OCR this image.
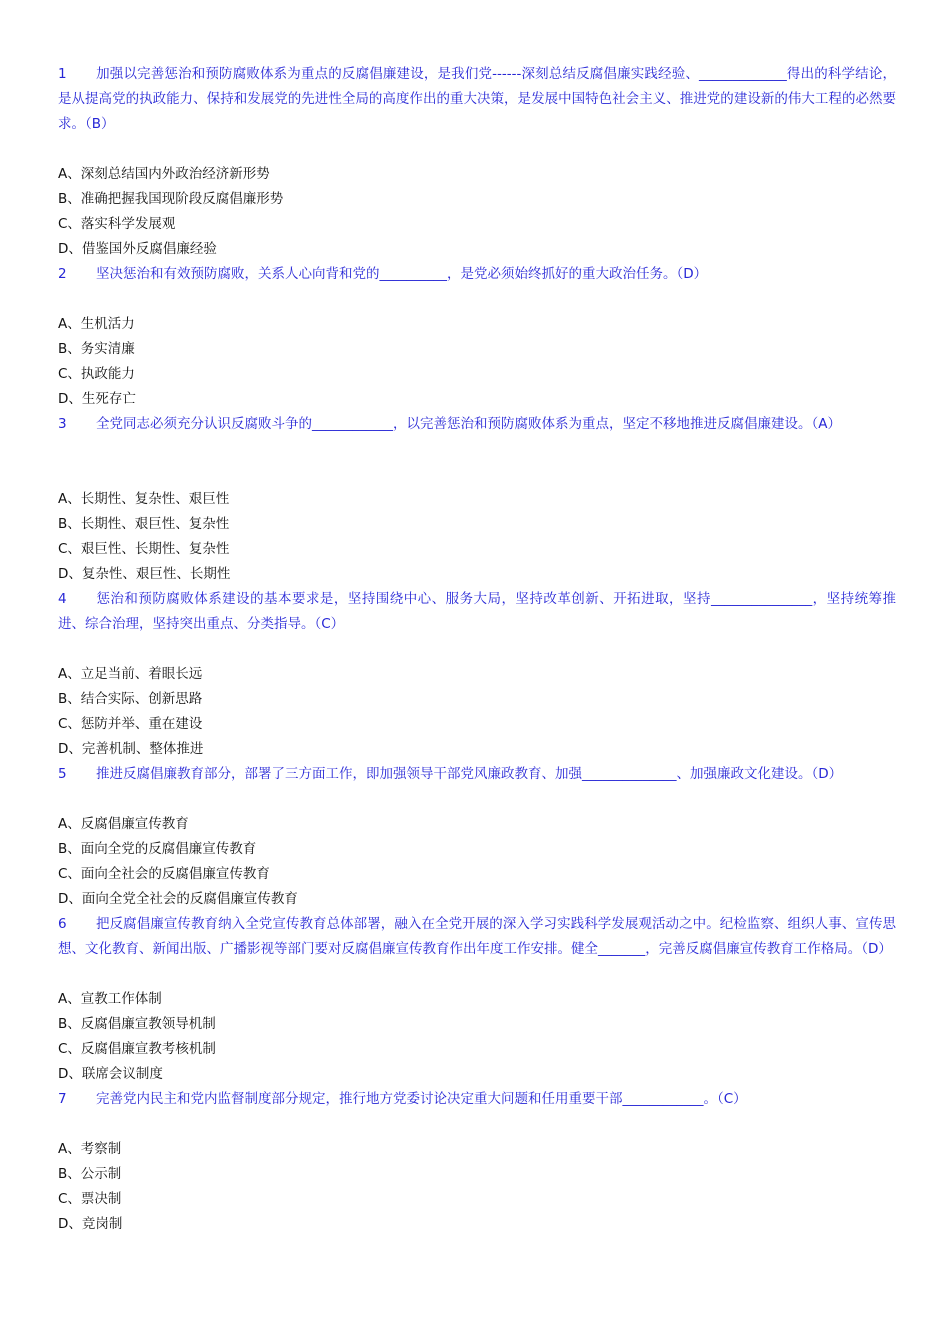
1 加强以完善惩治和预防腐败体系为重点的反腐倡廉建设，是我们党------深刻总结反腐倡廉实践经验、_____________得出的科学结论，是从提高党的执政能力、保持和发展党的先进性全局的高度作出的重大决策，是发展中国特色社会主义、推进党的建设新的伟大工程的必然要求。（B）

A、深刻总结国内外政治经济新形势
B、准确把握我国现阶段反腐倡廉形势
C、落实科学发展观
D、借鉴国外反腐倡廉经验

2 坚决惩治和有效预防腐败，关系人心向背和党的__________，是党必须始终抓好的重大政治任务。（D）

A、生机活力
B、务实清廉
C、执政能力
D、生死存亡

3 全党同志必须充分认识反腐败斗争的____________，以完善惩治和预防腐败体系为重点，坚定不移地推进反腐倡廉建设。（A）

A、长期性、复杂性、艰巨性
B、长期性、艰巨性、复杂性
C、艰巨性、长期性、复杂性
D、复杂性、艰巨性、长期性

4 惩治和预防腐败体系建设的基本要求是，坚持围绕中心、服务大局，坚持改革创新、开拓进取，坚持_______________，坚持统筹推进、综合治理，坚持突出重点、分类指导。（C）

A、立足当前、着眼长远
B、结合实际、创新思路
C、惩防并举、重在建设
D、完善机制、整体推进

5 推进反腐倡廉教育部分，部署了三方面工作，即加强领导干部党风廉政教育、加强______________、加强廉政文化建设。（D）

A、反腐倡廉宣传教育
B、面向全党的反腐倡廉宣传教育
C、面向全社会的反腐倡廉宣传教育
D、面向全党全社会的反腐倡廉宣传教育

6 把反腐倡廉宣传教育纳入全党宣传教育总体部署，融入在全党开展的深入学习实践科学发展观活动之中。纪检监察、组织人事、宣传思想、文化教育、新闻出版、广播影视等部门要对反腐倡廉宣传教育作出年度工作安排。健全_______，完善反腐倡廉宣传教育工作格局。（D）

A、宣教工作体制
B、反腐倡廉宣教领导机制
C、反腐倡廉宣教考核机制
D、联席会议制度

7 完善党内民主和党内监督制度部分规定，推行地方党委讨论决定重大问题和任用重要干部____________。（C）

A、考察制
B、公示制
C、票决制
D、竞岗制
